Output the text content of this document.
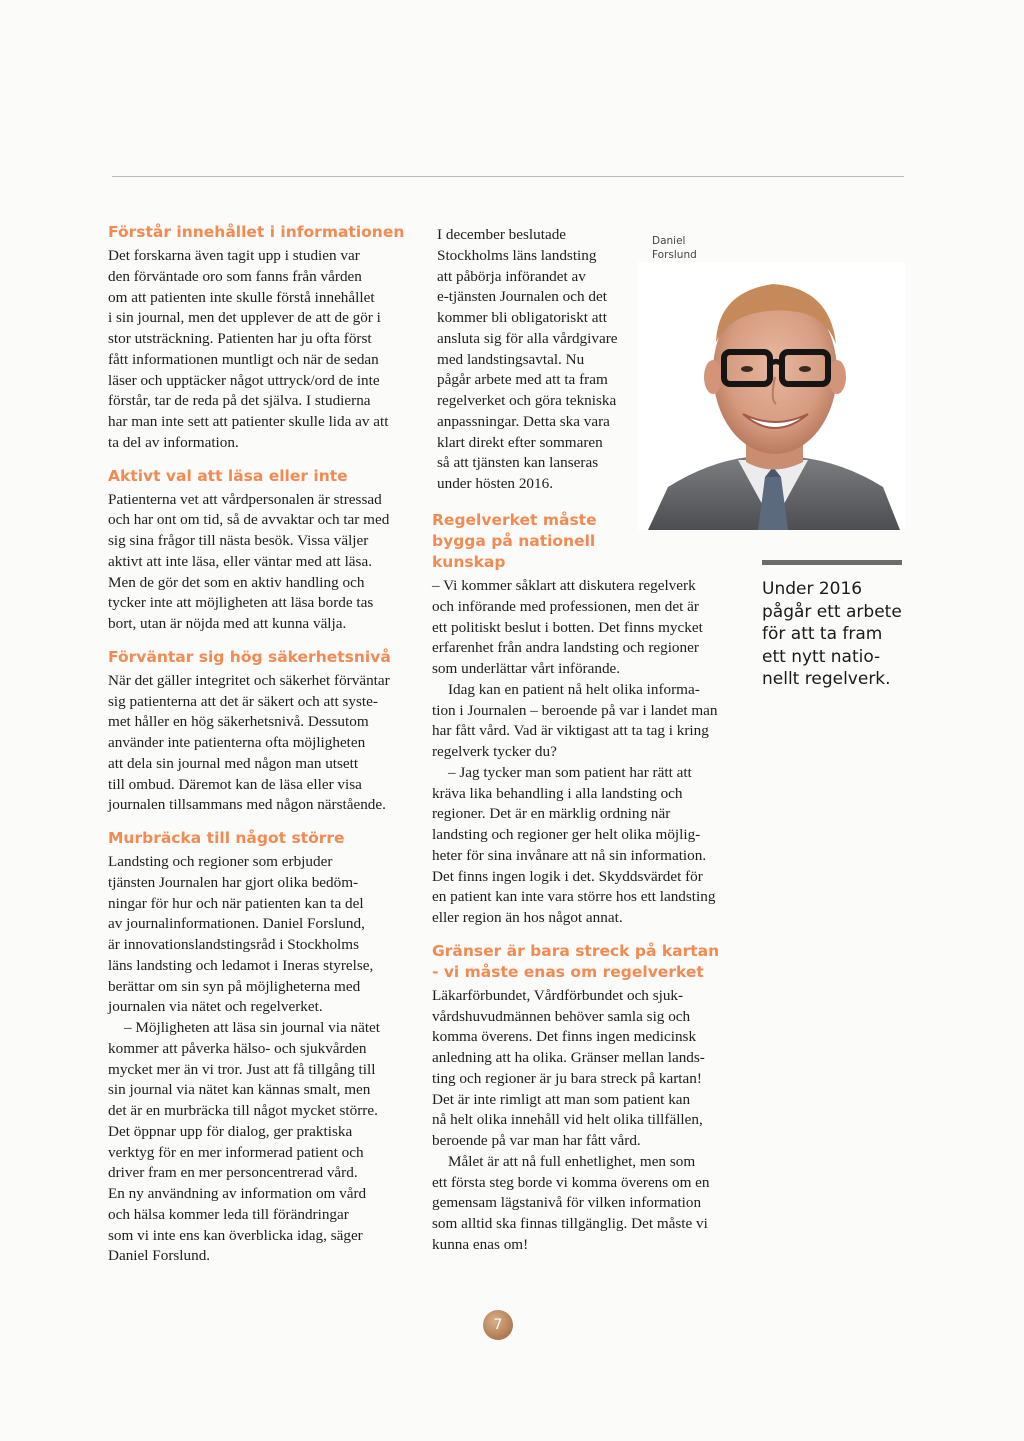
Förstår innehållet i informationen

Det forskarna även tagit upp i studien var
den förväntade oro som fanns från vården
om att patienten inte skulle förstå innehållet
i sin journal, men det upplever de att de gör i
stor utsträckning. Patienten har ju ofta först
fått informationen muntligt och när de sedan
läser och upptäcker något uttryck/ord de inte
förstår, tar de reda på det själva. I studierna
har man inte sett att patienter skulle lida av att
ta del av information.

Aktivt val att läsa eller inte

Patienterna vet att vårdpersonalen är stressad
och har ont om tid, så de avvaktar och tar med
sig sina frågor till nästa besök. Vissa väljer
aktivt att inte läsa, eller väntar med att läsa.
Men de gör det som en aktiv handling och
tycker inte att möjligheten att läsa borde tas
bort, utan är nöjda med att kunna välja.

Förväntar sig hög säkerhetsnivå

När det gäller integritet och säkerhet förväntar
sig patienterna att det är säkert och att syste-
met håller en hög säkerhetsnivå. Dessutom
använder inte patienterna ofta möjligheten
att dela sin journal med någon man utsett
till ombud. Däremot kan de läsa eller visa
journalen tillsammans med någon närstående.

Murbräcka till något större

Landsting och regioner som erbjuder
tjänsten Journalen har gjort olika bedöm-
ningar för hur och när patienten kan ta del
av journalinformationen. Daniel Forslund,
är innovationslandstingsråd i Stockholms
läns landsting och ledamot i Ineras styrelse,
berättar om sin syn på möjligheterna med
journalen via nätet och regelverket.

– Möjligheten att läsa sin journal via nätet
kommer att påverka hälso- och sjukvården
mycket mer än vi tror. Just att få tillgång till
sin journal via nätet kan kännas smalt, men
det är en murbräcka till något mycket större.
Det öppnar upp för dialog, ger praktiska
verktyg för en mer informerad patient och
driver fram en mer personcentrerad vård.
En ny användning av information om vård
och hälsa kommer leda till förändringar
som vi inte ens kan överblicka idag, säger
Daniel Forslund.

I december beslutade
Stockholms läns landsting
att påbörja införandet av
e-tjänsten Journalen och det
kommer bli obligatoriskt att
ansluta sig för alla vårdgivare
med landstingsavtal. Nu
pågår arbete med att ta fram
regelverket och göra tekniska
anpassningar. Detta ska vara
klart direkt efter sommaren
så att tjänsten kan lanseras
under hösten 2016.

Daniel
Forslund
Regelverket måste
bygga på nationell
kunskap

– Vi kommer såklart att diskutera regelverk
och införande med professionen, men det är
ett politiskt beslut i botten. Det finns mycket
erfarenhet från andra landsting och regioner
som underlättar vårt införande.

Idag kan en patient nå helt olika informa-
tion i Journalen – beroende på var i landet man
har fått vård. Vad är viktigast att ta tag i kring
regelverk tycker du?

– Jag tycker man som patient har rätt att
kräva lika behandling i alla landsting och
regioner. Det är en märklig ordning när
landsting och regioner ger helt olika möjlig-
heter för sina invånare att nå sin information.
Det finns ingen logik i det. Skyddsvärdet för
en patient kan inte vara större hos ett landsting
eller region än hos något annat.

Gränser är bara streck på kartan
- vi måste enas om regelverket

Läkarförbundet, Vårdförbundet och sjuk-
vårdshuvudmännen behöver samla sig och
komma överens. Det finns ingen medicinsk
anledning att ha olika. Gränser mellan lands-
ting och regioner är ju bara streck på kartan!
Det är inte rimligt att man som patient kan
nå helt olika innehåll vid helt olika tillfällen,
beroende på var man har fått vård.

Målet är att nå full enhetlighet, men som
ett första steg borde vi komma överens om en
gemensam lägstanivå för vilken information
som alltid ska finnas tillgänglig. Det måste vi
kunna enas om!

Under 2016
pågår ett arbete
för att ta fram
ett nytt natio-
nellt regelverk.
7
